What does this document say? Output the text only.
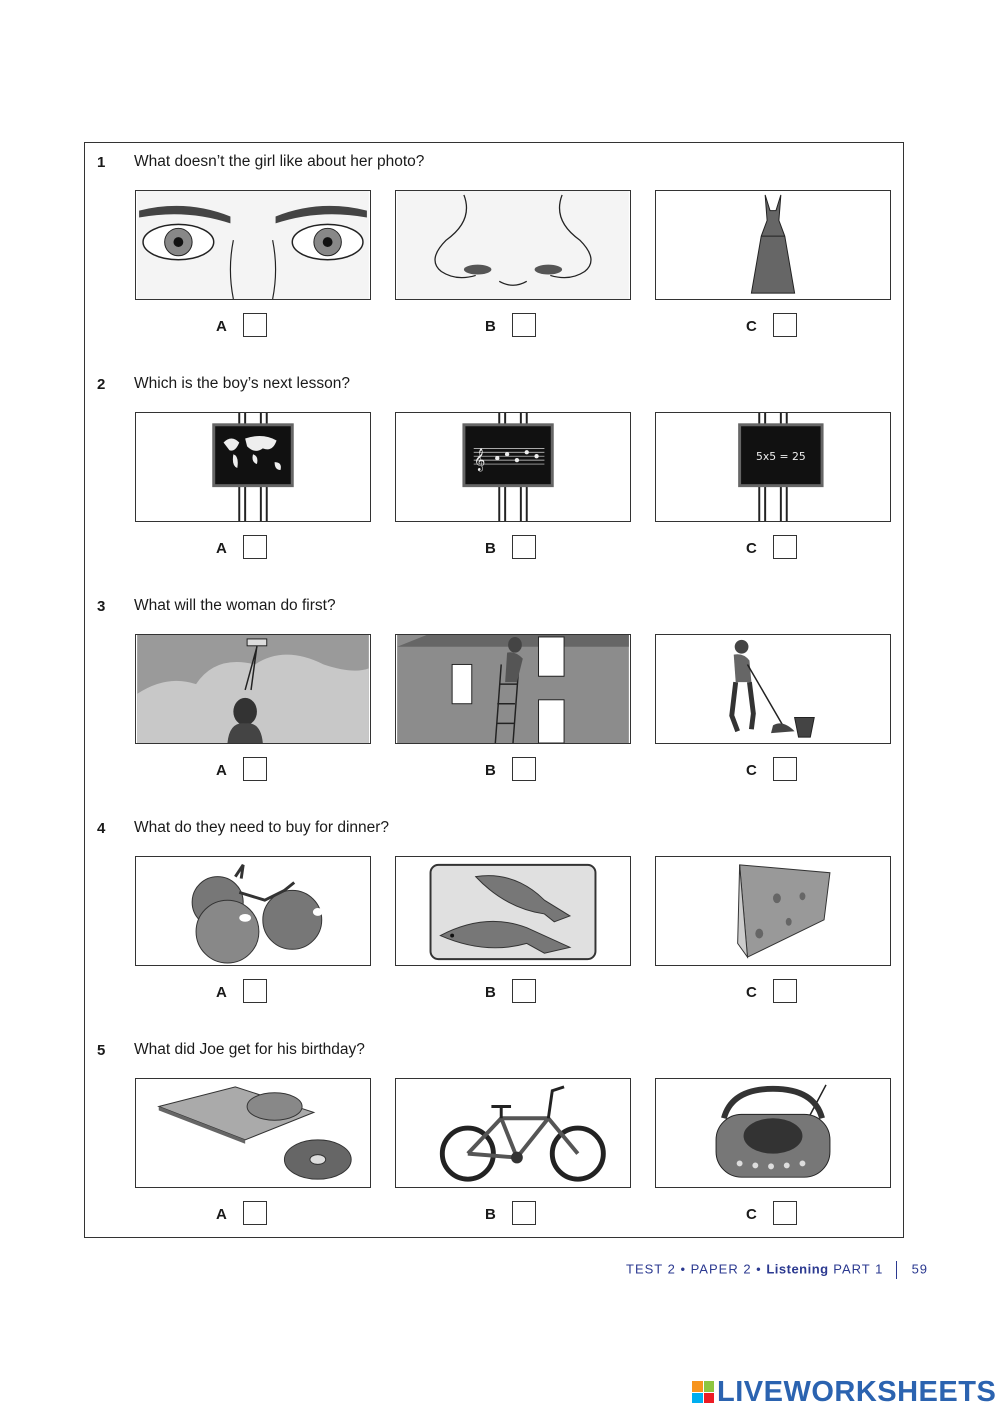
1 What doesn’t the girl like about her photo?
A	B	C
2 Which is the boy’s next lesson?
𝄞	5x5 = 25
A	B	C
3 What will the woman do first?
A	B	C
4 What do they need to buy for dinner?
A	B	C
5 What did Joe get for his birthday?
A	B	C
TEST 2 • PAPER 2 • Listening PART 1 59
LIVEWORKSHEETS
